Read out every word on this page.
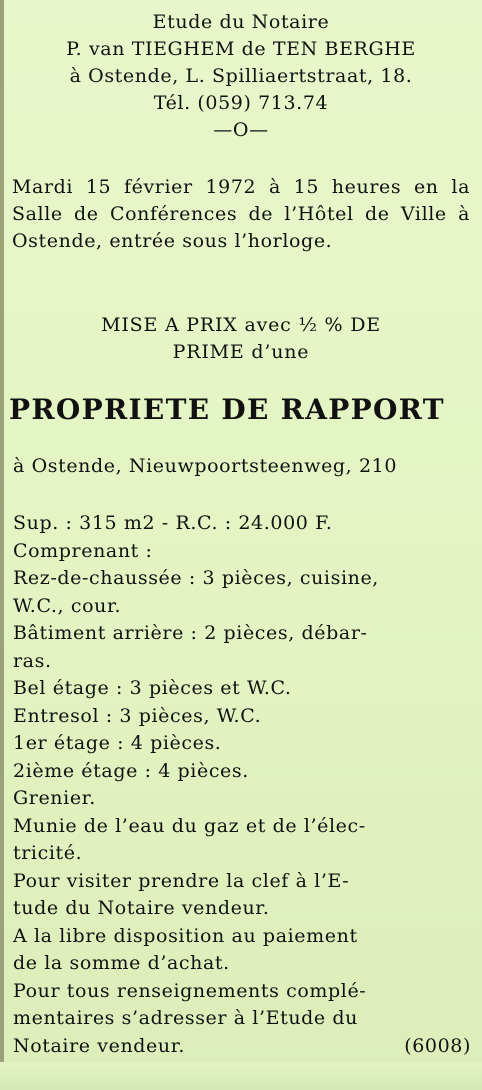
Etude du Notaire
P. van TIEGHEM de TEN BERGHE
à Ostende, L. Spilliaertstraat, 18.
Tél. (059) 713.74
—O—
Mardi 15 février 1972 à 15 heures en la Salle de Conférences de l’Hôtel de Ville à Ostende, entrée sous l’horloge.
MISE A PRIX avec ½ % DE
PRIME d’une
PROPRIETE DE RAPPORT
à Ostende, Nieuwpoortsteenweg, 210
Sup. : 315 m2 - R.C. : 24.000 F.
Comprenant :
Rez-de-chaussée : 3 pièces, cuisine,
W.C., cour.
Bâtiment arrière : 2 pièces, débar-
ras.
Bel étage : 3 pièces et W.C.
Entresol : 3 pièces, W.C.
1er étage : 4 pièces.
2ième étage : 4 pièces.
Grenier.
Munie de l’eau du gaz et de l’élec-
tricité.
Pour visiter prendre la clef à l’E-
tude du Notaire vendeur.
A la libre disposition au paiement
de la somme d’achat.
Pour tous renseignements complé-
mentaires s’adresser à l’Etude du
Notaire vendeur.	(6008)
